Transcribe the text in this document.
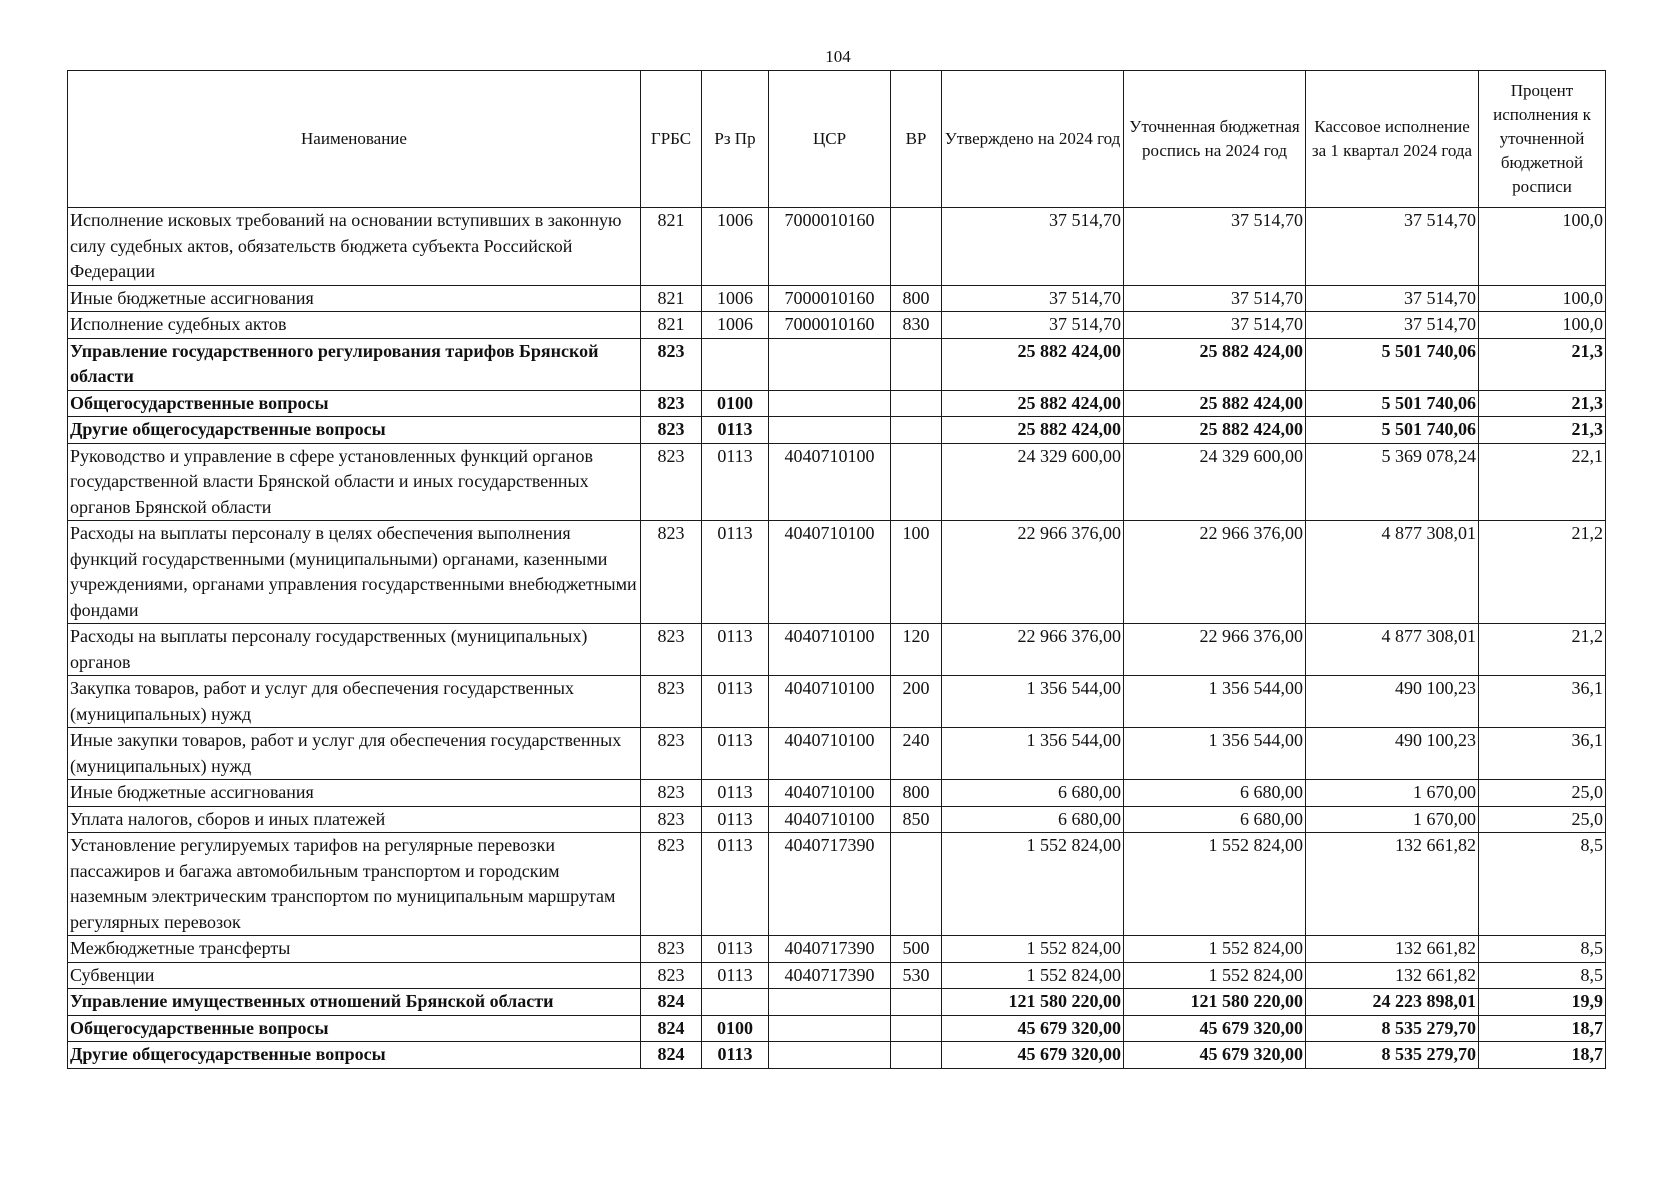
104
Наименование	ГРБС	Рз Пр	ЦСР	ВР	Утверждено на 2024 год	Уточненная бюджетная роспись на 2024 год	Кассовое исполнение за 1 квартал 2024 года	Процент исполнения к уточненной бюджетной росписи
Исполнение исковых требований на основании вступивших в законную силу судебных актов, обязательств бюджета субъекта Российской Федерации	821	1006	7000010160		37 514,70	37 514,70	37 514,70	100,0
Иные бюджетные ассигнования	821	1006	7000010160	800	37 514,70	37 514,70	37 514,70	100,0
Исполнение судебных актов	821	1006	7000010160	830	37 514,70	37 514,70	37 514,70	100,0
Управление государственного регулирования тарифов Брянской области	823				25 882 424,00	25 882 424,00	5 501 740,06	21,3
Общегосударственные вопросы	823	0100			25 882 424,00	25 882 424,00	5 501 740,06	21,3
Другие общегосударственные вопросы	823	0113			25 882 424,00	25 882 424,00	5 501 740,06	21,3
Руководство и управление в сфере установленных функций органов государственной власти Брянской области и иных государственных органов Брянской области	823	0113	4040710100		24 329 600,00	24 329 600,00	5 369 078,24	22,1
Расходы на выплаты персоналу в целях обеспечения выполнения функций государственными (муниципальными) органами, казенными учреждениями, органами управления государственными внебюджетными фондами	823	0113	4040710100	100	22 966 376,00	22 966 376,00	4 877 308,01	21,2
Расходы на выплаты персоналу государственных (муниципальных) органов	823	0113	4040710100	120	22 966 376,00	22 966 376,00	4 877 308,01	21,2
Закупка товаров, работ и услуг для обеспечения государственных (муниципальных) нужд	823	0113	4040710100	200	1 356 544,00	1 356 544,00	490 100,23	36,1
Иные закупки товаров, работ и услуг для обеспечения государственных (муниципальных) нужд	823	0113	4040710100	240	1 356 544,00	1 356 544,00	490 100,23	36,1
Иные бюджетные ассигнования	823	0113	4040710100	800	6 680,00	6 680,00	1 670,00	25,0
Уплата налогов, сборов и иных платежей	823	0113	4040710100	850	6 680,00	6 680,00	1 670,00	25,0
Установление регулируемых тарифов на регулярные перевозки пассажиров и багажа автомобильным транспортом и городским наземным электрическим транспортом по муниципальным маршрутам регулярных перевозок	823	0113	4040717390		1 552 824,00	1 552 824,00	132 661,82	8,5
Межбюджетные трансферты	823	0113	4040717390	500	1 552 824,00	1 552 824,00	132 661,82	8,5
Субвенции	823	0113	4040717390	530	1 552 824,00	1 552 824,00	132 661,82	8,5
Управление имущественных отношений Брянской области	824				121 580 220,00	121 580 220,00	24 223 898,01	19,9
Общегосударственные вопросы	824	0100			45 679 320,00	45 679 320,00	8 535 279,70	18,7
Другие общегосударственные вопросы	824	0113			45 679 320,00	45 679 320,00	8 535 279,70	18,7
